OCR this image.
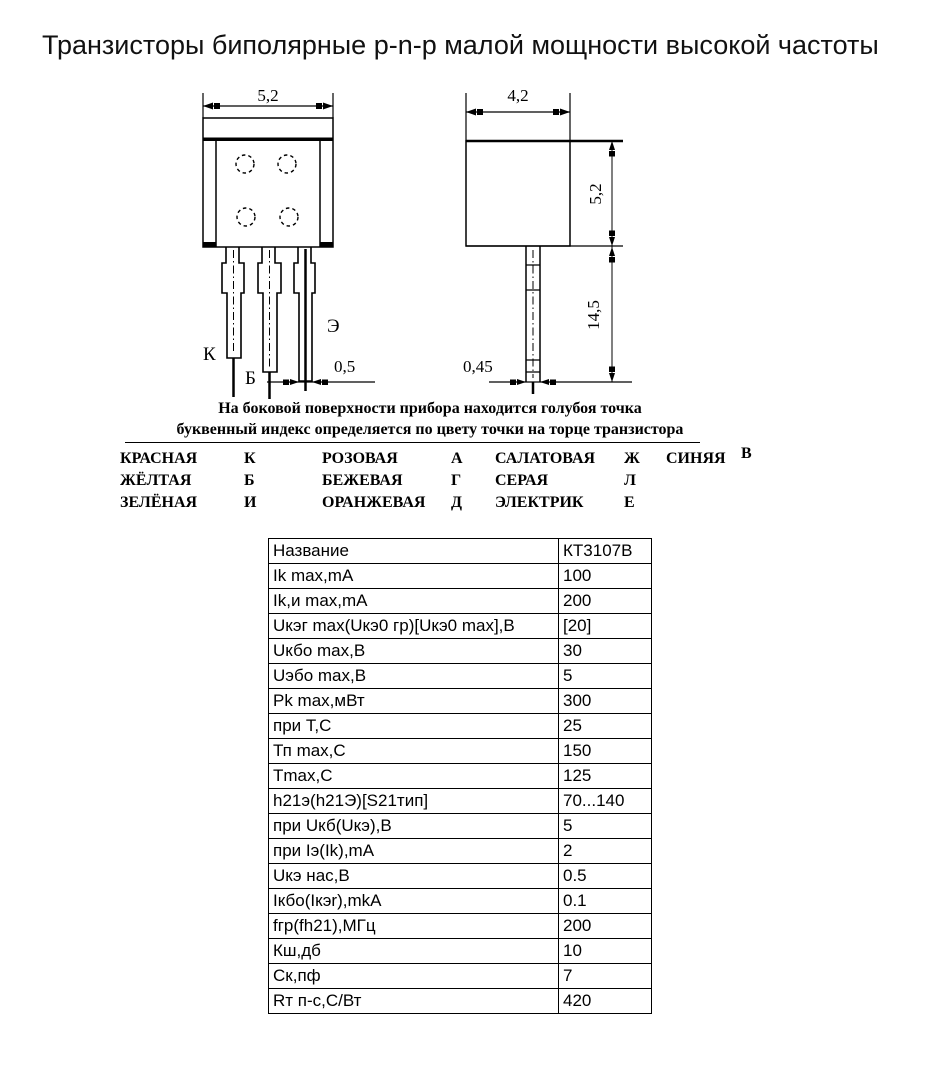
Транзисторы биполярные p-n-p малой мощности высокой частоты
5,2
К
Б
Э
0,5
4,2
5,2
14,5
0,45
На боковой поверхности прибора находится голубоя точка
буквенный индекс определяется по цвету точки на торце транзистора
КРАСНАЯ	К	РОЗОВАЯ	А САЛАТОВАЯ Ж СИНЯЯ В
ЖЁЛТАЯ	Б	БЕЖЕВАЯ	Г СЕРАЯ	Л
ЗЕЛЁНАЯ	И	ОРАНЖЕВАЯ Д ЭЛЕКТРИК	Е
Название	КТ3107В
Ik max,mA	100
Ik,и max,mA	200
Uкэг max(Uкэ0 гр)[Uкэ0 max],В	[20]
Uкбо max,В	30
Uэбо max,В	5
Pk max,мВт	300
при Т,С	25
Тп max,С	150
Tmax,С	125
h21э(h21Э)[S21тип]	70...140
при Uкб(Uкэ),В	5
при Iэ(Ik),mA	2
Uкэ нас,В	0.5
Iкбо(Iкэr),mkA	0.1
fгр(fh21),МГц	200
Кш,дб	10
Ск,пф	7
Rт п-с,С/Вт	420
